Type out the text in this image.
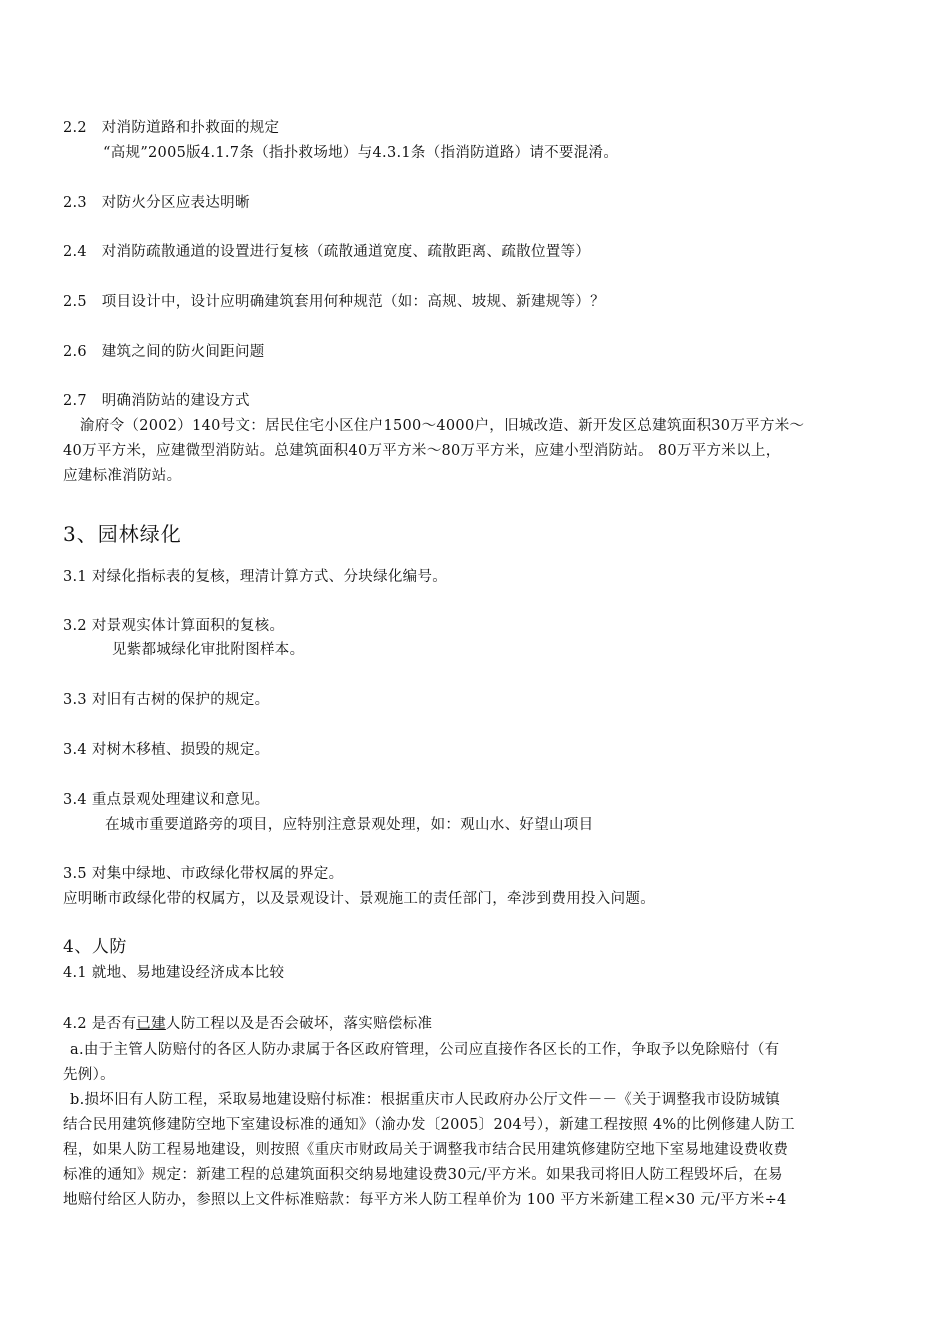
2.2　对消防道路和扑救面的规定
“高规”2005版4.1.7条（指扑救场地）与4.3.1条（指消防道路）请不要混淆。
2.3　对防火分区应表达明晰
2.4　对消防疏散通道的设置进行复核（疏散通道宽度、疏散距离、疏散位置等）
2.5　项目设计中，设计应明确建筑套用何种规范（如：高规、坡规、新建规等）？
2.6　建筑之间的防火间距问题
2.7　明确消防站的建设方式
渝府令（2002）140号文：居民住宅小区住户1500～4000户，旧城改造、新开发区总建筑面积30万平方米～
40万平方米，应建微型消防站。总建筑面积40万平方米～80万平方米，应建小型消防站。 80万平方米以上，
应建标准消防站。
3、园林绿化
3.1 对绿化指标表的复核，理清计算方式、分块绿化编号。
3.2 对景观实体计算面积的复核。
见紫都城绿化审批附图样本。
3.3 对旧有古树的保护的规定。
3.4 对树木移植、损毁的规定。
3.4 重点景观处理建议和意见。
在城市重要道路旁的项目，应特别注意景观处理，如：观山水、好望山项目
3.5 对集中绿地、市政绿化带权属的界定。
应明晰市政绿化带的权属方，以及景观设计、景观施工的责任部门，牵涉到费用投入问题。
4、人防
4.1 就地、易地建设经济成本比较
4.2 是否有已建人防工程以及是否会破坏，落实赔偿标准
a.由于主管人防赔付的各区人防办隶属于各区政府管理，公司应直接作各区长的工作，争取予以免除赔付（有
先例）。
b.损坏旧有人防工程，采取易地建设赔付标准：根据重庆市人民政府办公厅文件－－《关于调整我市设防城镇
结合民用建筑修建防空地下室建设标准的通知》（渝办发〔2005〕204号），新建工程按照 4%的比例修建人防工
程，如果人防工程易地建设，则按照《重庆市财政局关于调整我市结合民用建筑修建防空地下室易地建设费收费
标准的通知》规定：新建工程的总建筑面积交纳易地建设费30元/平方米。如果我司将旧人防工程毁坏后，在易
地赔付给区人防办，参照以上文件标准赔款：每平方米人防工程单价为 100 平方米新建工程×30 元/平方米÷4
